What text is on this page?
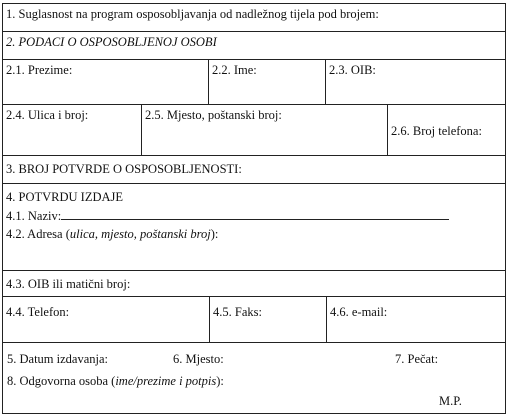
1. Suglasnost na program osposobljavanja od nadležnog tijela pod brojem:
2. PODACI O OSPOSOBLJENOJ OSOBI
2.1. Prezime:	2.2. Ime:	2.3. OIB:
2.4. Ulica i broj:	2.5. Mjesto, poštanski broj:
2.6. Broj telefona:
3. BROJ POTVRDE O OSPOSOBLJENOSTI:
4. POTVRDU IZDAJE
4.1. Naziv:
4.2. Adresa (ulica, mjesto, poštanski broj):
4.3. OIB ili matični broj:
4.4. Telefon:	4.5. Faks:	4.6. e-mail:
5. Datum izdavanja:	6. Mjesto:	7. Pečat:
8. Odgovorna osoba (ime/prezime i potpis):
M.P.
